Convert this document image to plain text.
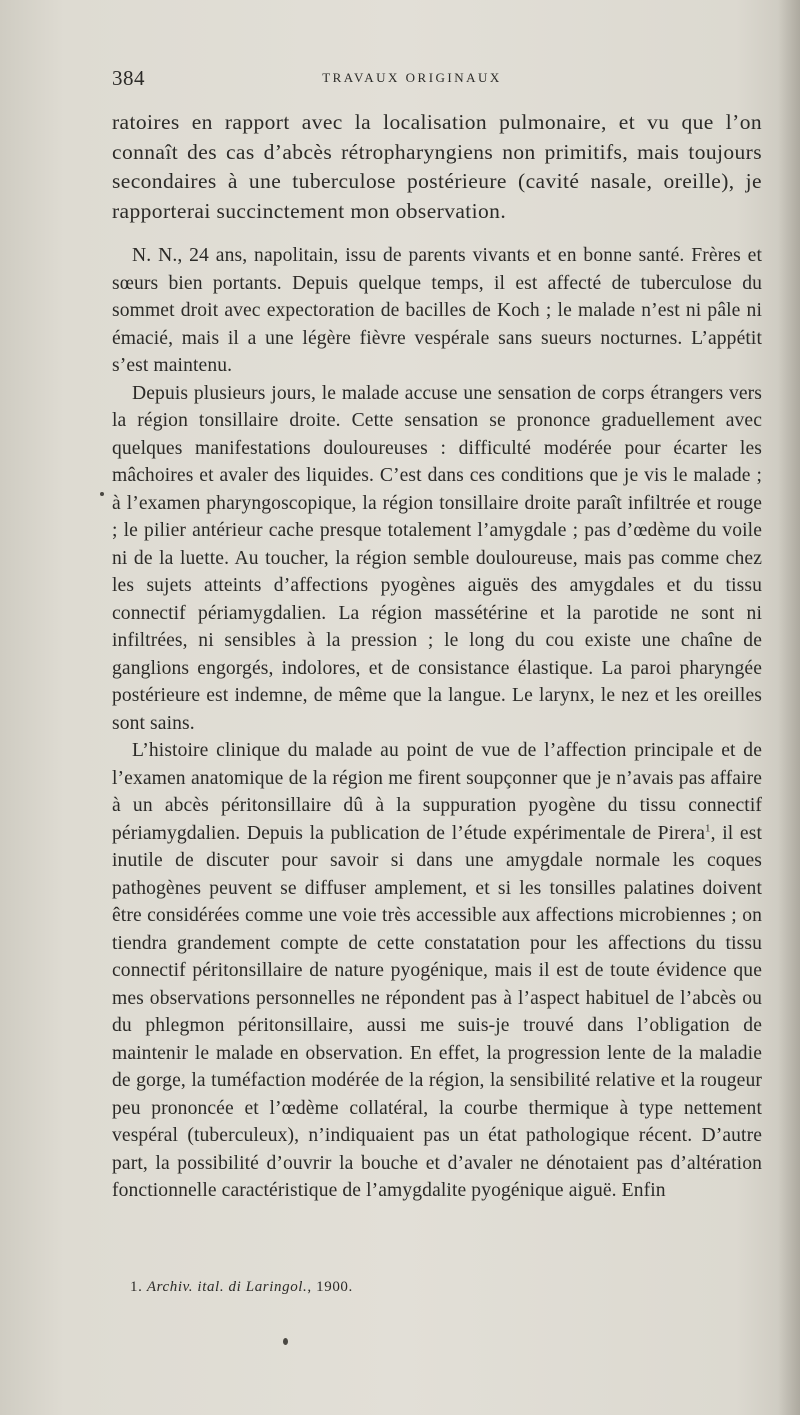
384	TRAVAUX ORIGINAUX

ratoires en rapport avec la localisation pulmonaire, et vu que l’on connaît des cas d’abcès rétropharyngiens non primitifs, mais toujours secondaires à une tuberculose postérieure (cavité nasale, oreille), je rapporterai succinctement mon observation.

N. N., 24 ans, napolitain, issu de parents vivants et en bonne santé. Frères et sœurs bien portants. Depuis quelque temps, il est affecté de tuberculose du sommet droit avec expectoration de bacilles de Koch ; le malade n’est ni pâle ni émacié, mais il a une légère fièvre vespérale sans sueurs nocturnes. L’appétit s’est maintenu.

Depuis plusieurs jours, le malade accuse une sensation de corps étrangers vers la région tonsillaire droite. Cette sensation se prononce graduellement avec quelques manifestations douloureuses : difficulté modérée pour écarter les mâchoires et avaler des liquides. C’est dans ces conditions que je vis le malade ; à l’examen pharyngoscopique, la région tonsillaire droite paraît infiltrée et rouge ; le pilier antérieur cache presque totalement l’amygdale ; pas d’œdème du voile ni de la luette. Au toucher, la région semble douloureuse, mais pas comme chez les sujets atteints d’affections pyogènes aiguës des amygdales et du tissu connectif périamygdalien. La région massétérine et la parotide ne sont ni infiltrées, ni sensibles à la pression ; le long du cou existe une chaîne de ganglions engorgés, indolores, et de consistance élastique. La paroi pharyngée postérieure est indemne, de même que la langue. Le larynx, le nez et les oreilles sont sains.

L’histoire clinique du malade au point de vue de l’affection principale et de l’examen anatomique de la région me firent soupçonner que je n’avais pas affaire à un abcès péritonsillaire dû à la suppuration pyogène du tissu connectif périamygdalien. Depuis la publication de l’étude expérimentale de Pirera$^1$, il est inutile de discuter pour savoir si dans une amygdale normale les coques pathogènes peuvent se diffuser amplement, et si les tonsilles palatines doivent être considérées comme une voie très accessible aux affections microbiennes ; on tiendra grandement compte de cette constatation pour les affections du tissu connectif péritonsillaire de nature pyogénique, mais il est de toute évidence que mes observations personnelles ne répondent pas à l’aspect habituel de l’abcès ou du phlegmon péritonsillaire, aussi me suis-je trouvé dans l’obligation de maintenir le malade en observation. En effet, la progression lente de la maladie de gorge, la tuméfaction modérée de la région, la sensibilité relative et la rougeur peu prononcée et l’œdème collatéral, la courbe thermique à type nettement vespéral (tuberculeux), n’indiquaient pas un état pathologique récent. D’autre part, la possibilité d’ouvrir la bouche et d’avaler ne dénotaient pas d’altération fonctionnelle caractéristique de l’amygdalite pyogénique aiguë. Enfin

1. Archiv. ital. di Laringol., 1900.
